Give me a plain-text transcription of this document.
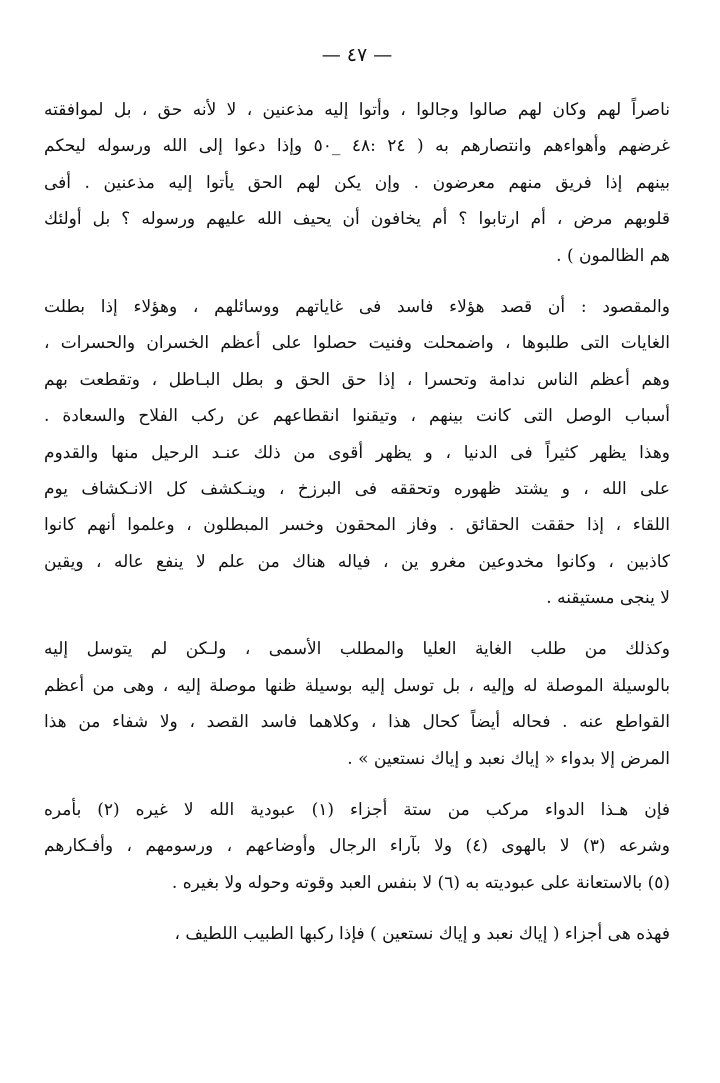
— ٤٧ —
ناصراً لهم وكان لهم صالوا وجالوا ، وأتوا إليه مذعنين ، لا لأنه حق ، بل لموافقته
غرضهم وأهواءهم وانتصارهم به ( ٢٤ :٤٨ _٥٠ وإذا دعوا إلى الله ورسوله ليحكم
بينهم إذا فريق منهم معرضون . وإن يكن لهم الحق يأتوا إليه مذعنين . أفى
قلوبهم مرض ، أم ارتابوا ؟ أم يخافون أن يحيف الله عليهم ورسوله ؟ بل أولئك
هم الظالمون ) .
والمقصود : أن قصد هؤلاء فاسد فى غاياتهم ووسائلهم ، وهؤلاء إذا بطلت
الغايات التى طلبوها ، واضمحلت وفنيت حصلوا على أعظم الخسران والحسرات ،
وهم أعظم الناس ندامة وتحسرا ، إذا حق الحق و بطل البـاطل ، وتقطعت بهم
أسباب الوصل التى كانت بينهم ، وتيقنوا انقطاعهم عن ركب الفلاح والسعادة .
وهذا يظهر كثيراً فى الدنيا ، و يظهر أقوى من ذلك عنـد الرحيل منها والقدوم
على الله ، و يشتد ظهوره وتحققه فى البرزخ ، وينـكشف كل الانـكشاف يوم
اللقاء ، إذا حققت الحقائق . وفاز المحقون وخسر المبطلون ، وعلموا أنهم كانوا
كاذبين ، وكانوا مخدوعين مغرو ين ، فياله هناك من علم لا ينفع عاله ، ويقين
لا ينجى مستيقنه .
وكذلك من طلب الغاية العليا والمطلب الأسمى ، ولـكن لم يتوسل إليه
بالوسيلة الموصلة له وإليه ، بل توسل إليه بوسيلة ظنها موصلة إليه ، وهى من أعظم
القواطع عنه . فحاله أيضاً كحال هذا ، وكلاهما فاسد القصد ، ولا شفاء من هذا
المرض إلا بدواء « إياك نعبد و إياك نستعين » .
فإن هـذا الدواء مركب من ستة أجزاء (١) عبودية الله لا غيره (٢) بأمره
وشرعه (٣) لا بالهوى (٤) ولا بآراء الرجال وأوضاعهم ، ورسومهم ، وأفـكارهم
(٥) بالاستعانة على عبوديته به (٦) لا بنفس العبد وقوته وحوله ولا بغيره .
فهذه هى أجزاء ( إياك نعبد و إياك نستعين ) فإذا ركبها الطبيب اللطيف ،
